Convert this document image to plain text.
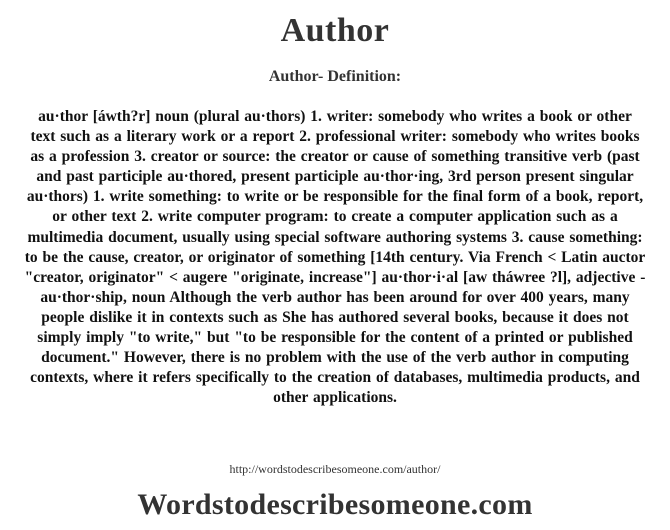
Author
Author- Definition:
au·thor [áwth?r] noun (plural au·thors) 1. writer: somebody who writes a book or other text such as a literary work or a report 2. professional writer: somebody who writes books as a profession 3. creator or source: the creator or cause of something transitive verb (past and past participle au·thored, present participle au·thor·ing, 3rd person present singular au·thors) 1. write something: to write or be responsible for the final form of a book, report, or other text 2. write computer program: to create a computer application such as a multimedia document, usually using special software authoring systems 3. cause something: to be the cause, creator, or originator of something [14th century. Via French < Latin auctor "creator, originator" < augere "originate, increase"] au·thor·i·al [aw tháwree ?l], adjective -au·thor·ship, noun Although the verb author has been around for over 400 years, many people dislike it in contexts such as She has authored several books, because it does not simply imply "to write," but "to be responsible for the content of a printed or published document." However, there is no problem with the use of the verb author in computing contexts, where it refers specifically to the creation of databases, multimedia products, and other applications.
http://wordstodescribesomeone.com/author/
Wordstodescribesomeone.com
